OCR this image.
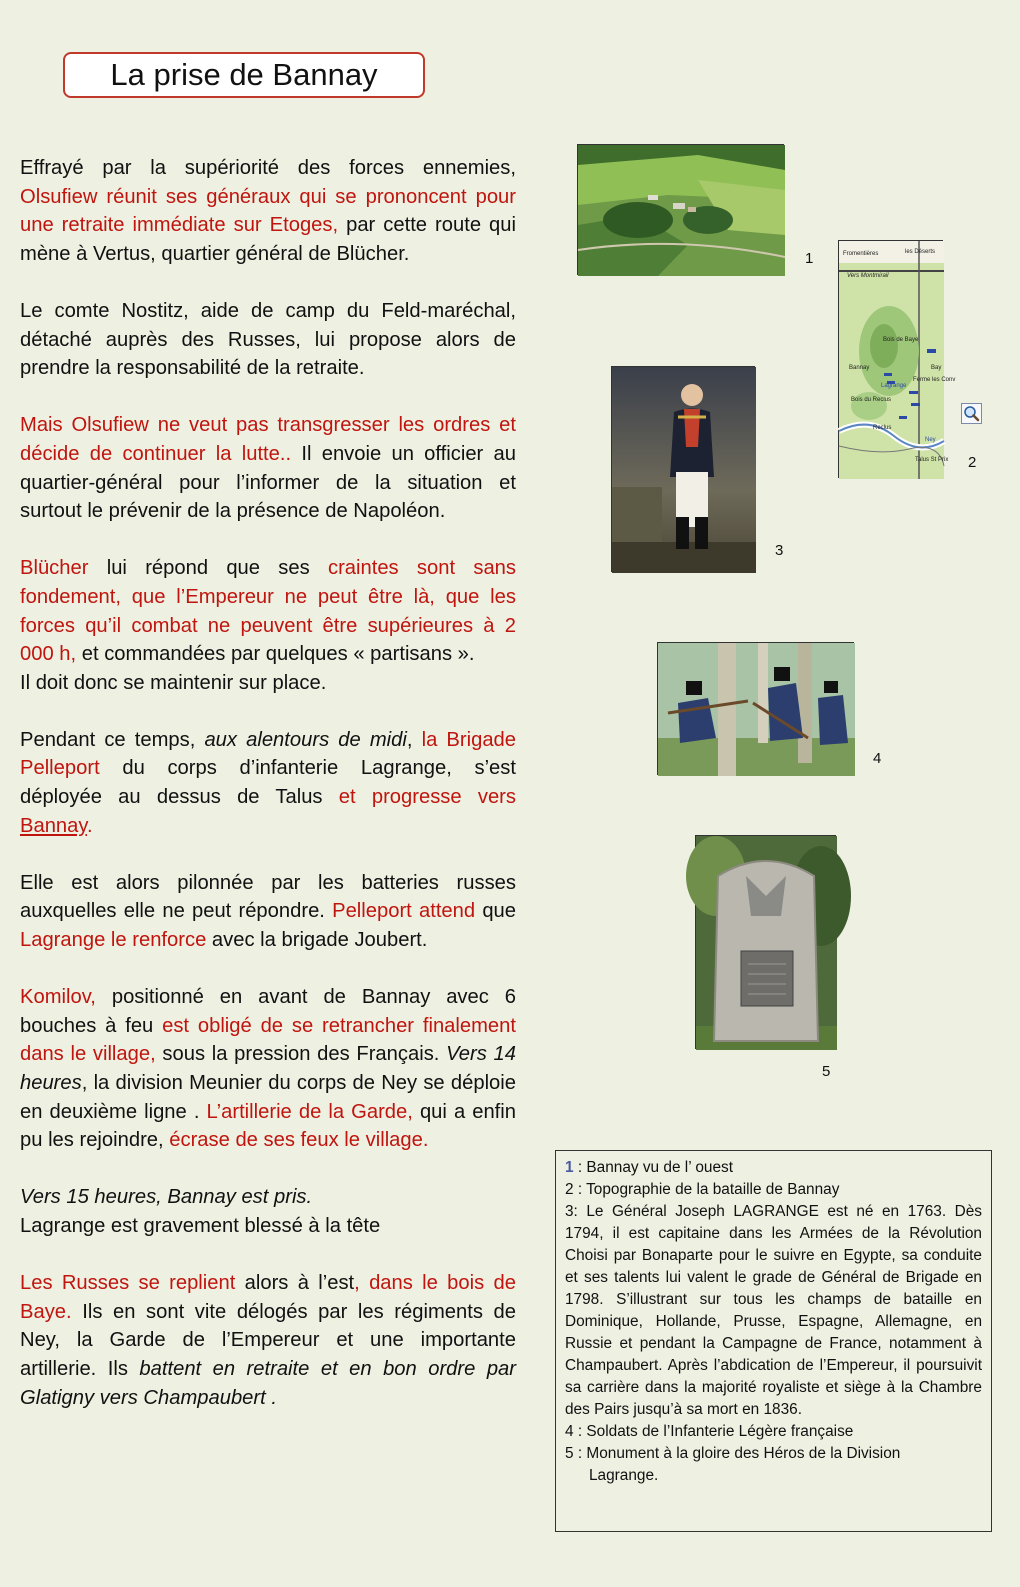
La prise de Bannay

Effrayé par la supériorité des forces ennemies, Olsufiew réunit ses généraux qui se prononcent pour une retraite immédiate sur Etoges, par cette route qui mène à Vertus, quartier général de Blücher.

Le comte Nostitz, aide de camp du Feld-maréchal, détaché auprès des Russes, lui propose alors de prendre la responsabilité de la retraite.

Mais Olsufiew ne veut pas transgresser les ordres et décide de continuer la lutte.. Il envoie un officier au quartier-général pour l’informer de la situation et surtout le prévenir de la présence de Napoléon.

Blücher lui répond que ses craintes sont sans fondement, que l’Empereur ne peut être là, que les forces qu’il combat ne peuvent être supérieures à 2 000 h, et commandées par quelques « partisans ».
Il doit donc se maintenir sur place.

Pendant ce temps, aux alentours de midi, la Brigade Pelleport du corps d’infanterie Lagrange, s’est déployée au dessus de Talus et progresse vers Bannay.

Elle est alors pilonnée par les batteries russes auxquelles elle ne peut répondre. Pelleport attend que Lagrange le renforce avec la brigade Joubert.

Komilov, positionné en avant de Bannay avec 6 bouches à feu est obligé de se retrancher finalement dans le village, sous la pression des Français. Vers 14 heures, la division Meunier du corps de Ney se déploie en deuxième ligne . L’artillerie de la Garde, qui a enfin pu les rejoindre, écrase de ses feux le village.

Vers 15 heures, Bannay est pris.
Lagrange est gravement blessé à la tête

Les Russes se replient alors à l’est, dans le bois de Baye. Ils en sont vite délogés par les régiments de Ney, la Garde de l’Empereur et une importante artillerie. Ils battent en retraite et en bon ordre par Glatigny vers Champaubert .

1	Fromentières	les Déserts
Vers Montmirail
Bois de Baye
Bannay
Lagrange
Bois du Reclus
Ferme les Conv
Reclus
Talus St Prix
Ney
Bay
2
3
4
5

1 : Bannay vu de l’ ouest

2 : Topographie de la bataille de Bannay

3: Le Général Joseph LAGRANGE est né en 1763. Dès 1794, il est capitaine dans les Armées de la Révolution Choisi par Bonaparte pour le suivre en Egypte, sa conduite et ses talents lui valent le grade de Général de Brigade en 1798. S’illustrant sur tous les champs de bataille en Dominique, Hollande, Prusse, Espagne, Allemagne, en Russie et pendant la Campagne de France, notamment à Champaubert. Après l’abdication de l’Empereur, il poursuivit sa carrière dans la majorité royaliste et siège à la Chambre des Pairs jusqu’à sa mort en 1836.

4 : Soldats de l’Infanterie Légère française

5 : Monument à la gloire des Héros de la Division

Lagrange.
